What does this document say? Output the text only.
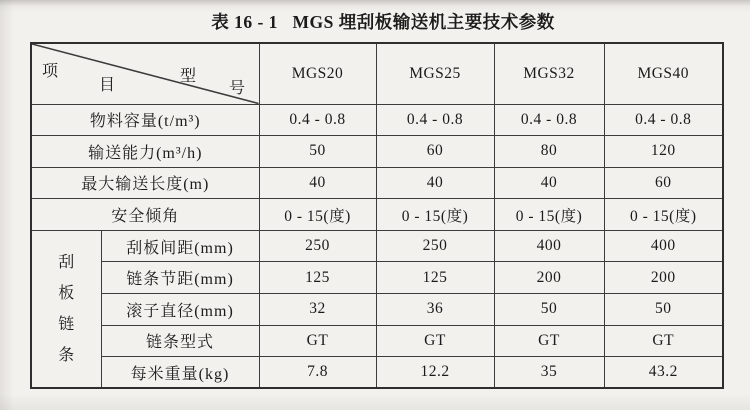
表 16 - 1   MGS 埋刮板输送机主要技术参数
项
目
型
号		MGS20	MGS25	MGS32	MGS40
物料容量(t/m³)		0.4 - 0.8	0.4 - 0.8	0.4 - 0.8	0.4 - 0.8
输送能力(m³/h)		50	60	80	120
最大输送长度(m)		40	40	40	60
安全倾角		0 - 15(度)	0 - 15(度)	0 - 15(度)	0 - 15(度)

刮
板
链
条	刮板间距(mm)	250	250	400	400
	链条节距(mm)	125	125	200	200
	滚子直径(mm)	32	36	50	50
	链条型式	GT	GT	GT	GT
	每米重量(kg)	7.8	12.2	35	43.2
